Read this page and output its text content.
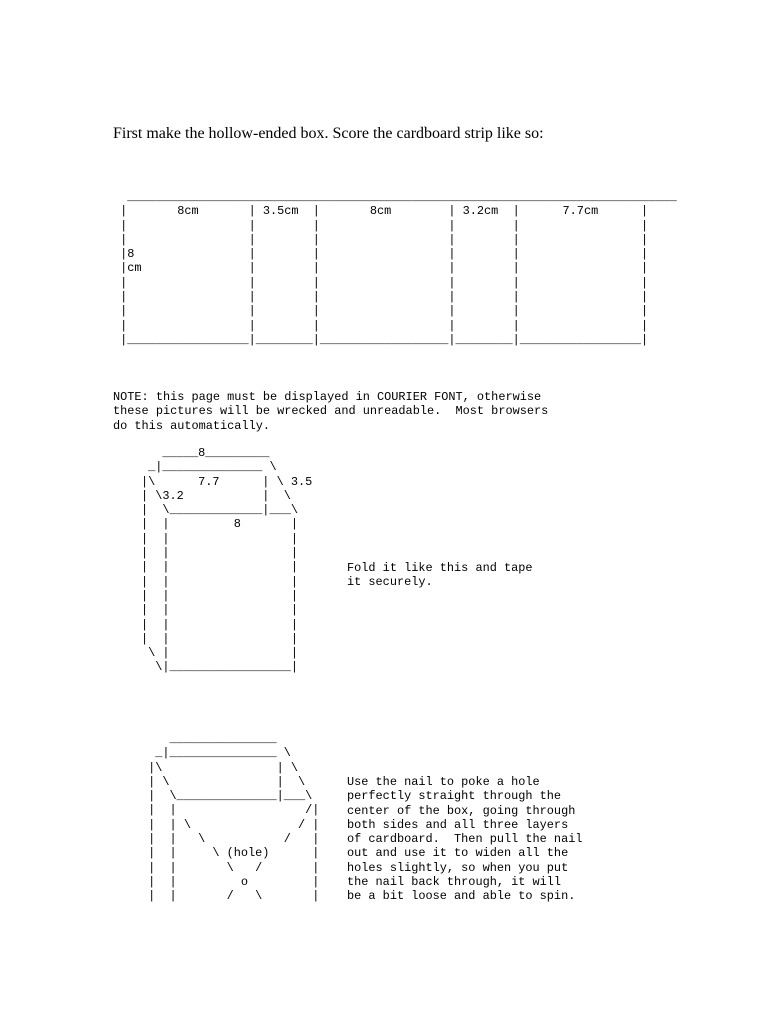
First make the hollow-ended box. Score the cardboard strip like so:

_____________________________________________________________________________
|       8cm       | 3.5cm  |       8cm        | 3.2cm  |      7.7cm      |
|                 |        |                  |        |                 |
|                 |        |                  |        |                 |
|8                |        |                  |        |                 |
|cm               |        |                  |        |                 |
|                 |        |                  |        |                 |
|                 |        |                  |        |                 |
|                 |        |                  |        |                 |
|                 |        |                  |        |                 |
|_________________|________|__________________|________|_________________|
NOTE: this page must be displayed in COURIER FONT, otherwise
these pictures will be wrecked and unreadable.  Most browsers
do this automatically.
_____8_________
_|______________ \
|\      7.7      | \ 3.5
| \3.2           |  \
|  \_____________|___\
|  |         8       |
|  |                 |
|  |                 |
|  |                 |
|  |                 |
|  |                 |
|  |                 |
|  |                 |
|  |                 |
\ |                 |
\|_________________|
Fold it like this and tape
it securely.
_______________
_|_______________ \
|\                | \
| \               |  \
|  \______________|___\
|  |                  /|
|  | \               / |
|  |   \           /   |
|  |     \ (hole)      |
|  |       \   /       |
|  |         o         |
|  |       /   \       |
Use the nail to poke a hole
perfectly straight through the
center of the box, going through
both sides and all three layers
of cardboard.  Then pull the nail
out and use it to widen all the
holes slightly, so when you put
the nail back through, it will
be a bit loose and able to spin.
